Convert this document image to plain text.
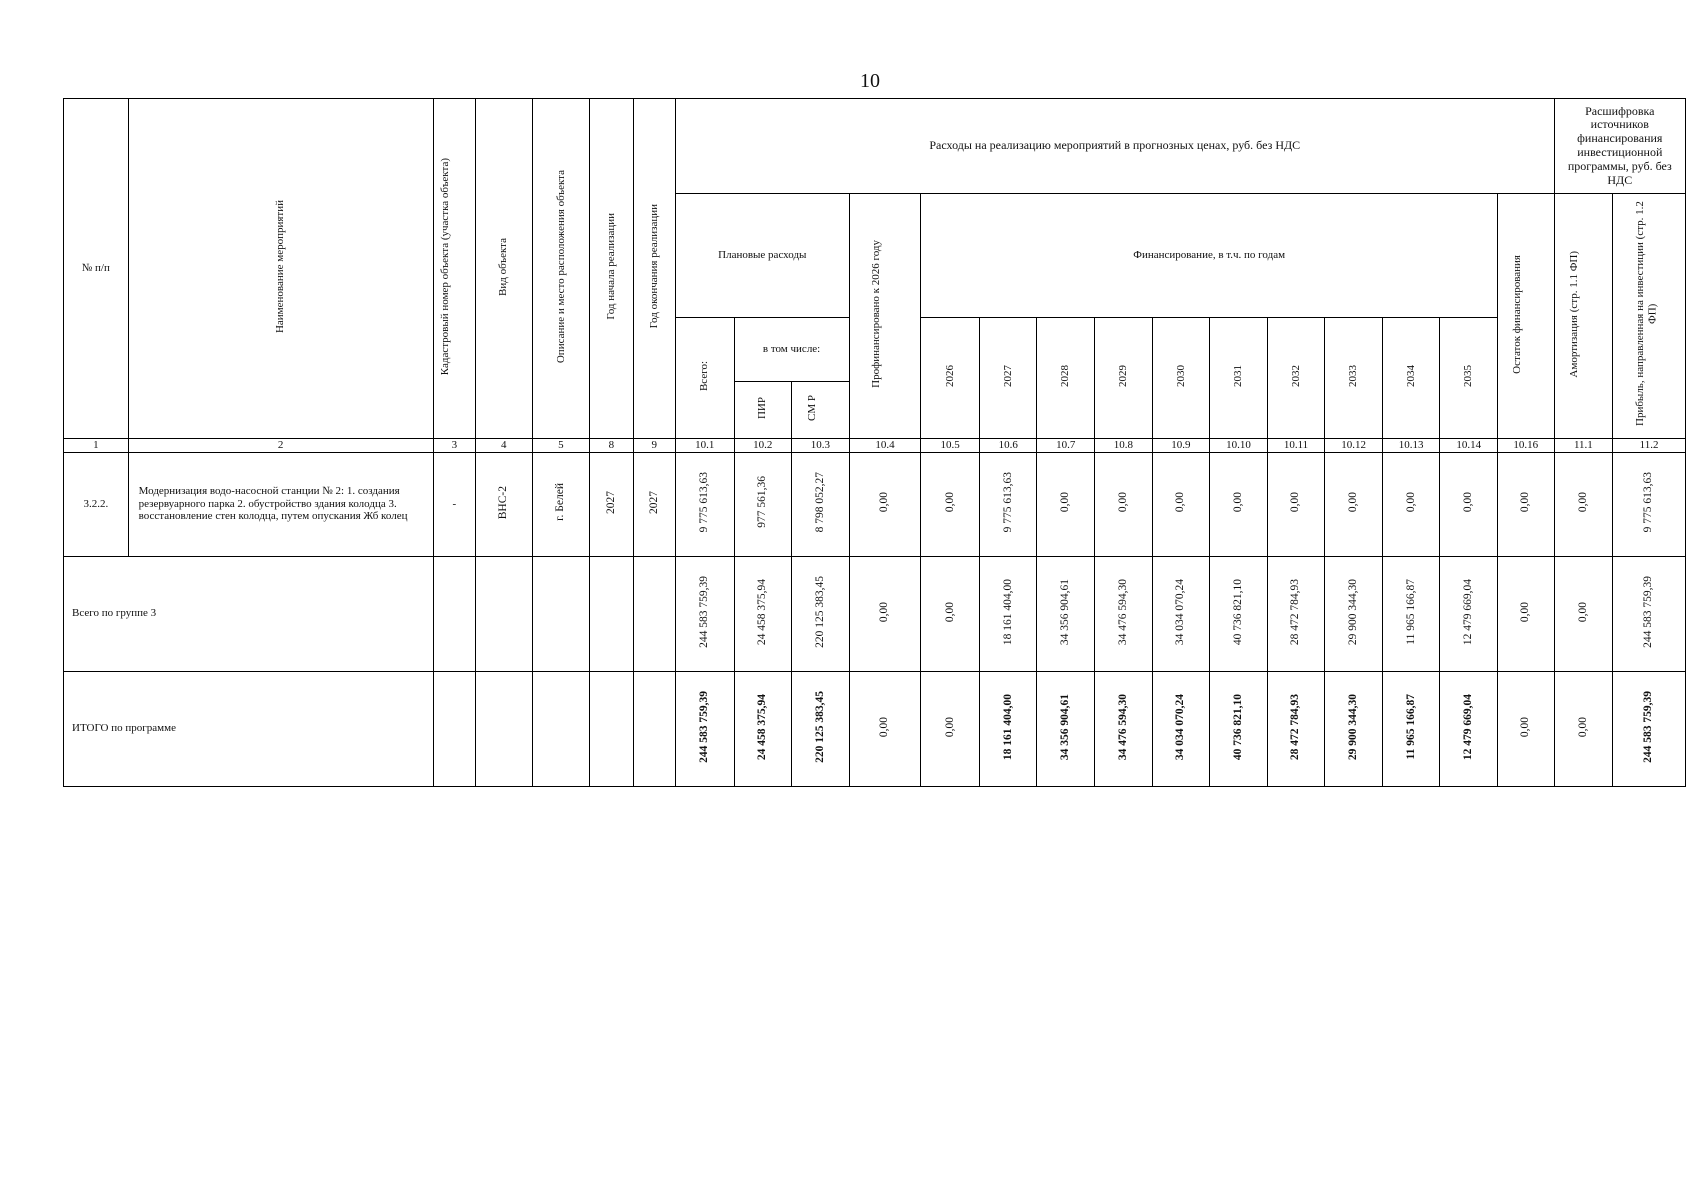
10
№ п/п	Наименование мероприятий	Кадастровый номер объекта (участка объекта)	Вид объекта	Описание и место расположения объекта	Год начала реализации	Год окончания реализации	Расходы на реализацию мероприятий в прогнозных ценах, руб. без НДС															Расшифровка источников финансирования инвестиционной программы, руб. без НДС	
							Плановые расходы			Профинансировано к 2026 году	Финансирование, в т.ч. по годам										Остаток финансирования	Амортизация (стр. 1.1 ФП)	Прибыль, направленная на инвестиции (стр. 1.2 ФП)
							Всего:	в том числе:			2026	2027	2028	2029	2030	2031	2032	2033	2034	2035			
								ПИР	СМ Р														
1	2	3	4	5	8	9	10.1	10.2	10.3	10.4	10.5	10.6	10.7	10.8	10.9	10.10	10.11	10.12	10.13	10.14	10.16	11.1	11.2
3.2.2.	Модернизация водо-насосной станции № 2: 1. создания резервуарного парка 2. обустройство здания колодца 3. восстановление стен колодца, путем опускания Жб колец	-	ВНС-2	г. Белей	2027	2027	9 775 613,63	977 561,36	8 798 052,27	0,00	0,00	9 775 613,63	0,00	0,00	0,00	0,00	0,00	0,00	0,00	0,00	0,00	0,00	9 775 613,63
Всего по группе 3							244 583 759,39	24 458 375,94	220 125 383,45	0,00	0,00	18 161 404,00	34 356 904,61	34 476 594,30	34 034 070,24	40 736 821,10	28 472 784,93	29 900 344,30	11 965 166,87	12 479 669,04	0,00	0,00	244 583 759,39
ИТОГО по программе							244 583 759,39	24 458 375,94	220 125 383,45	0,00	0,00	18 161 404,00	34 356 904,61	34 476 594,30	34 034 070,24	40 736 821,10	28 472 784,93	29 900 344,30	11 965 166,87	12 479 669,04	0,00	0,00	244 583 759,39
